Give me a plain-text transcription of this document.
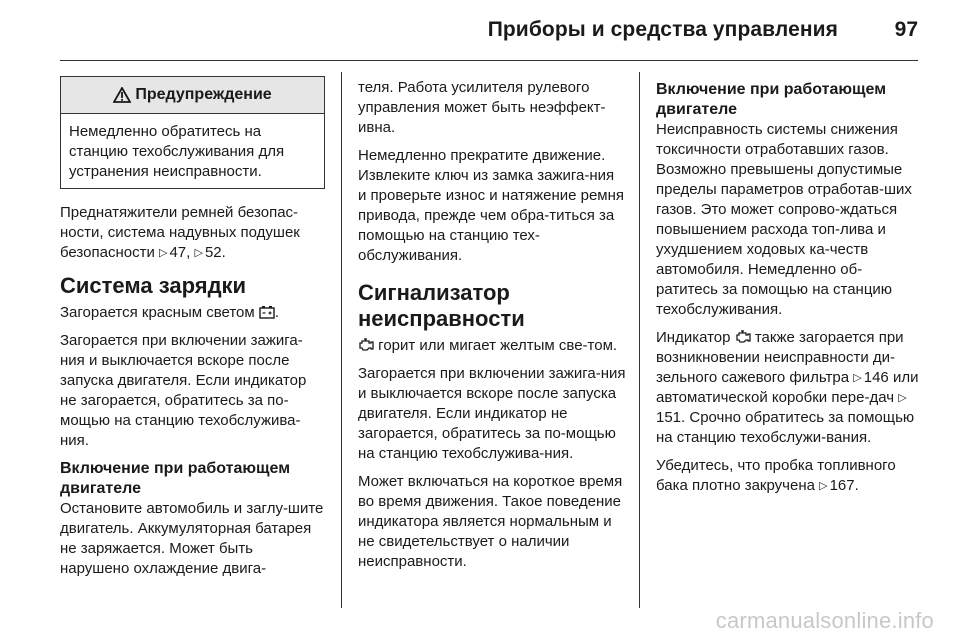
Приборы и средства управления	97
Предупреждение
Немедленно обратитесь на станцию техобслуживания для устранения неисправности.

Преднатяжители ремней безопас-ности, система надувных подушек безопасности ▷ 47, ▷ 52.

Система зарядки

Загорается красным светом .

Загорается при включении зажига-ния и выключается вскоре после запуска двигателя. Если индикатор не загорается, обратитесь за по-мощью на станцию техобслужива-ния.

Включение при работающем двигателе

Остановите автомобиль и заглу-шите двигатель. Аккумуляторная батарея не заряжается. Может быть нарушено охлаждение двига-

теля. Работа усилителя рулевого управления может быть неэффект-ивна.

Немедленно прекратите движение. Извлеките ключ из замка зажига-ния и проверьте износ и натяжение ремня привода, прежде чем обра-титься за помощью на станцию тех-обслуживания.

Сигнализатор неисправности

горит или мигает желтым све-том.

Загорается при включении зажига-ния и выключается вскоре после запуска двигателя. Если индикатор не загорается, обратитесь за по-мощью на станцию техобслужива-ния.

Может включаться на короткое время во время движения. Такое поведение индикатора является нормальным и не свидетельствует о наличии неисправности.

Включение при работающем двигателе

Неисправность системы снижения токсичности отработавших газов. Возможно превышены допустимые пределы параметров отработав-ших газов. Это может сопрово-ждаться повышением расхода топ-лива и ухудшением ходовых ка-честв автомобиля. Немедленно об-ратитесь за помощью на станцию техобслуживания.

Индикатор также загорается при возникновении неисправности ди-зельного сажевого фильтра ▷ 146 или автоматической коробки пере-дач ▷151. Срочно обратитесь за помощью на станцию техобслужи-вания.

Убедитесь, что пробка топливного бака плотно закручена ▷ 167.

carmanualsonline.info
